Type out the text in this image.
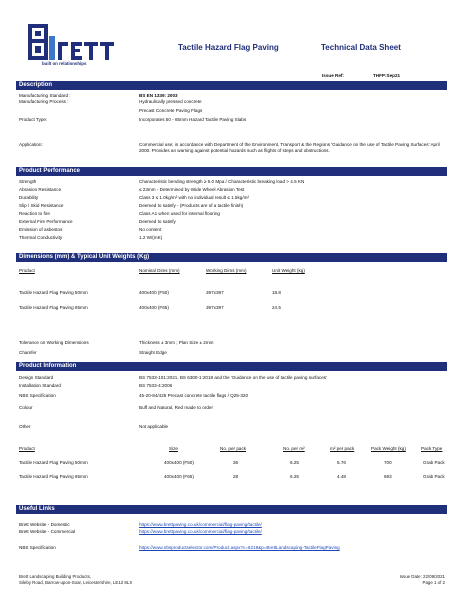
built on relationships
Tactile Hazard Flag Paving	Technical Data Sheet
Issue Ref:	THFP:Sep21
Description
Manufacturing Standard :	BS EN 1339: 2003
Manufacturing Process :	Hydraulically pressed concrete
Precast Concrete Paving Flags
Product Type:	Incorporates 50 - 65mm Hazard Tactile Paving Slabs
Application:	Commercial use; in accordance with Department of the Environment, Transport & the Regions 'Guidance on the use of Tactile Paving Surfaces' April 2000. Provides an warning against potential hazards such as flights of steps and obstructions.
Product Performance
Strength	Characteristic bending strength ≥ 5.0 Mpa / Characteristic breaking load > 4.5 KN
Abrasion Resistance	≤ 23mm - Determined by Wide Wheel Abrasion Test
Durability	Class 3 ≤ 1.0kg/m² with no individual result ≤ 1.5kg/m²
Slip / Skid Resistance	Deemed to satisfy - (Products are of a tactile finish)
Reaction to fire	Class A1 when used for internal flooring
External Fire Performance	Deemed to satisfy
Emission of asbestos	No content
Thermal Conductivity	1.2 W/(mK)
Dimensions (mm) & Typical Unit Weights (Kg)
Product	Nominal Dims (mm)	Working Dims (mm)	Unit Weight (kg)
Tactile Hazard Flag Paving 50mm	400x400 (F50)	397x397	18.8
Tactile Hazard Flag Paving 65mm	400x400 (F65)	397x397	24.5
Tolerance on Working Dimensions	Thickness ± 3mm ; Plan Size ± 2mm
Chamfer	Straight Edge
Product Information
Design Standard	BS 7533-101:2021, BS 6300-1:2018 and the 'Guidance on the use of tactile paving surfaces'
Installation Standard	BS 7533-4:2006
NBS Specification	45-20-84/425 Precast concrete tactile flags / Q25-320
Colour	Buff and Natural, Red made to order
Other	Not applicable
Product	Size	No. per pack	No. per m²	m² per pack	Pack Weight (kg)	Pack Type
Tactile Hazard Flag Paving 50mm	400x400 (F50)	36	6.25	5.76	700	Grab Pack
Tactile Hazard Flag Paving 65mm	400x400 (F65)	28	6.25	4.48	693	Grab Pack
Useful Links
Brett Website - Domestic	https://www.brettpaving.co.uk/commercial/flag-paving/tactile/
Brett Website - Commercial	https://www.brettpaving.co.uk/commercial/flag-paving/tactile/
NBS Specification	https://www.nbsproductselector.com/Product.aspx?c=6218&p=BrettLandscaping-TactileFlagPaving
Brett Landscaping Building Products,
Sileby Road, Barrow-upon-Soar, Leicestershire, LE12 8LX
Issue Date: 22/09/2021
Page 1 of 2
